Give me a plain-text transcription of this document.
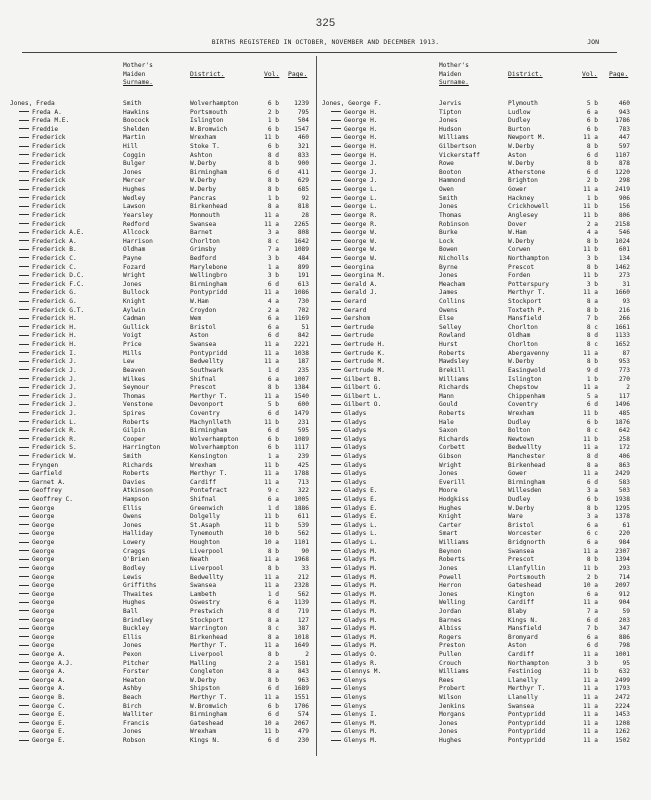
325
BIRTHS REGISTERED IN OCTOBER, NOVEMBER AND DECEMBER 1913.	JON
Mother's
Maiden
Surname.
District.	Vol. Page.
Jones, Freda	Smith	Wolverhampton	6 b	1239
Freda A.	Hawkins	Portsmouth	2 b	795
Freda M.E.	Boocock	Islington	1 b	504
Freddie	Shelden	W.Bromwich	6 b	1547
Frederick	Martin	Wrexham	11 b	460
Frederick	Hill	Stoke T.	6 b	321
Frederick	Coggin	Ashton	8 d	833
Frederick	Bulger	W.Derby	8 b	900
Frederick	Jones	Birmingham	6 d	411
Frederick	Mercer	W.Derby	8 b	629
Frederick	Hughes	W.Derby	8 b	685
Frederick	Wedley	Pancras	1 b	92
Frederick	Lawson	Birkenhead	8 a	818
Frederick	Yearsley	Monmouth	11 a	28
Frederick	Redford	Swansea	11 a	2265
Frederick A.E.	Allcock	Barnet	3 a	808
Frederick A.	Harrison	Chorlton	8 c	1642
Frederick B.	Oldham	Grimsby	7 a	1089
Frederick C.	Payne	Bedford	3 b	484
Frederick C.	Fozard	Marylebone	1 a	899
Frederick D.C.	Wright	Wellingbro	3 b	191
Frederick F.C.	Jones	Birmingham	6 d	613
Frederick G.	Bullock	Pontypridd	11 a	1086
Frederick G.	Knight	W.Ham	4 a	730
Frederick G.T.	Aylwin	Croydon	2 a	702
Frederick H.	Cadman	Wem	6 a	1169
Frederick H.	Gullick	Bristol	6 a	51
Frederick H.	Voigt	Aston	6 d	842
Frederick H.	Price	Swansea	11 a	2221
Frederick I.	Mills	Pontypridd	11 a	1038
Frederick J.	Lew	Bedwellty	11 a	187
Frederick J.	Beaven	Southwark	1 d	235
Frederick J.	Wilkes	Shifnal	6 a	1007
Frederick J.	Seymour	Prescot	8 b	1384
Frederick J.	Thomas	Merthyr T.	11 a	1540
Frederick J.	Venstone	Devonport	5 b	600
Frederick J.	Spires	Coventry	6 d	1479
Frederick L.	Roberts	Machynlleth	11 b	231
Frederick R.	Gilpin	Birmingham	6 d	595
Frederick R.	Cooper	Wolverhampton	6 b	1089
Frederick S.	Harrington	Wolverhampton	6 b	1117
Frederick W.	Smith	Kensington	1 a	239
Fryngen	Richards	Wrexham	11 b	425
Garfield	Roberts	Merthyr T.	11 a	1788
Garnet A.	Davies	Cardiff	11 a	713
Geoffrey	Atkinson	Pontefract	9 c	322
Geoffrey C.	Hampson	Shifnal	6 a	1005
George	Ellis	Greenwich	1 d	1886
George	Owens	Dolgelly	11 b	611
George	Jones	St.Asaph	11 b	539
George	Halliday	Tynemouth	10 b	562
George	Lowery	Houghton	10 a	1101
George	Craggs	Liverpool	8 b	90
George	O'Brien	Neath	11 a	1968
George	Bodley	Liverpool	8 b	33
George	Lewis	Bedwellty	11 a	212
George	Griffiths	Swansea	11 a	2328
George	Thwaites	Lambeth	1 d	562
George	Hughes	Oswestry	6 a	1139
George	Ball	Prestwich	8 d	719
George	Brindley	Stockport	8 a	127
George	Buckley	Warrington	8 c	387
George	Ellis	Birkenhead	8 a	1018
George	Jones	Merthyr T.	11 a	1649
George A.	Pexon	Liverpool	8 b	2
George A.J.	Pitcher	Malling	2 a	1581
George A.	Forster	Congleton	8 a	843
George A.	Heaton	W.Derby	8 b	963
George A.	Ashby	Shipston	6 d	1689
George B.	Beach	Merthyr T.	11 a	1551
George C.	Birch	W.Bromwich	6 b	1706
George E.	Walliter	Birmingham	6 d	574
George E.	Francis	Gateshead	10 a	2067
George E.	Jones	Wrexham	11 b	479
George E.	Robson	Kings N.	6 d	230
Mother's
Maiden
Surname.
District.	Vol. Page.
Jones, George F.	Jervis	Plymouth	5 b	460
George H.	Tipton	Ludlow	6 a	943
George H.	Jones	Dudley	6 b	1786
George H.	Hudson	Burton	6 b	783
George H.	Williams	Newport M.	11 a	447
George H.	Gilbertson	W.Derby	8 b	597
George H.	Vickerstaff	Aston	6 d	1107
George J.	Rowe	W.Derby	8 b	878
George J.	Booton	Atherstone	6 d	1220
George J.	Hammond	Brighton	2 b	298
George L.	Owen	Gower	11 a	2419
George L.	Smith	Hackney	1 b	906
George L.	Jones	Crickhowell	11 b	156
George R.	Thomas	Anglesey	11 b	806
George R.	Robinson	Dover	2 a	2158
George W.	Burke	W.Ham	4 a	546
George W.	Lock	W.Derby	8 b	1024
George W.	Bowen	Corwen	11 b	601
George W.	Nicholls	Northampton	3 b	134
Georgina	Byrne	Prescot	8 b	1462
Georgina M.	Jones	Forden	11 b	273
Gerald A.	Meacham	Potterspury	3 b	31
Gerald J.	James	Merthyr T.	11 a	1660
Gerard	Collins	Stockport	8 a	93
Gerard	Owens	Toxteth P.	8 b	216
Gershom	Else	Mansfield	7 b	266
Gertrude	Selley	Chorlton	8 c	1661
Gertrude	Rowland	Oldham	8 d	1133
Gertrude H.	Hurst	Chorlton	8 c	1652
Gertrude K.	Roberts	Abergavenny	11 a	87
Gertrude M.	Mawdsley	W.Derby	8 b	953
Gertrude M.	Brekill	Easingwold	9 d	773
Gilbert B.	Williams	Islington	1 b	270
Gilbert G.	Richards	Chepstow	11 a	2
Gilbert L.	Mann	Chippenham	5 a	117
Gilbert O.	Gould	Coventry	6 d	1496
Gladys	Roberts	Wrexham	11 b	485
Gladys	Hale	Dudley	6 b	1876
Gladys	Saxon	Bolton	8 c	642
Gladys	Richards	Newtown	11 b	258
Gladys	Corbett	Bedwellty	11 a	172
Gladys	Gibson	Manchester	8 d	406
Gladys	Wright	Birkenhead	8 a	863
Gladys	Jones	Gower	11 a	2429
Gladys	Everill	Birmingham	6 d	583
Gladys E.	Moore	Willesden	3 a	503
Gladys E.	Hodgkiss	Dudley	6 b	1938
Gladys E.	Hughes	W.Derby	8 b	1295
Gladys E.	Knight	Ware	3 a	1378
Gladys L.	Carter	Bristol	6 a	61
Gladys L.	Smart	Worcester	6 c	220
Gladys L.	Williams	Bridgnorth	6 a	984
Gladys M.	Beynon	Swansea	11 a	2307
Gladys M.	Roberts	Prescot	8 b	1394
Gladys M.	Jones	Llanfyllin	11 b	293
Gladys M.	Powell	Portsmouth	2 b	714
Gladys M.	Herron	Gateshead	10 a	2097
Gladys M.	Jones	Kington	6 a	912
Gladys M.	Welling	Cardiff	11 a	904
Gladys M.	Jordan	Blaby	7 a	59
Gladys M.	Barnes	Kings N.	6 d	203
Gladys M.	Albiss	Mansfield	7 b	347
Gladys M.	Rogers	Bromyard	6 a	886
Gladys M.	Preston	Aston	6 d	798
Gladys O.	Pullen	Cardiff	11 a	1001
Gladys R.	Crouch	Northampton	3 b	95
Glennys M.	Williams	Festiniog	11 b	632
Glenys	Rees	Llanelly	11 a	2499
Glenys	Probert	Merthyr T.	11 a	1793
Glenys	Wilson	Llanelly	11 a	2472
Glenys	Jenkins	Swansea	11 a	2224
Glenys I.	Morgans	Pontypridd	11 a	1453
Glenys M.	Jones	Pontypridd	11 a	1208
Glenys M.	Jones	Pontypridd	11 a	1262
Glenys M.	Hughes	Pontypridd	11 a	1502
